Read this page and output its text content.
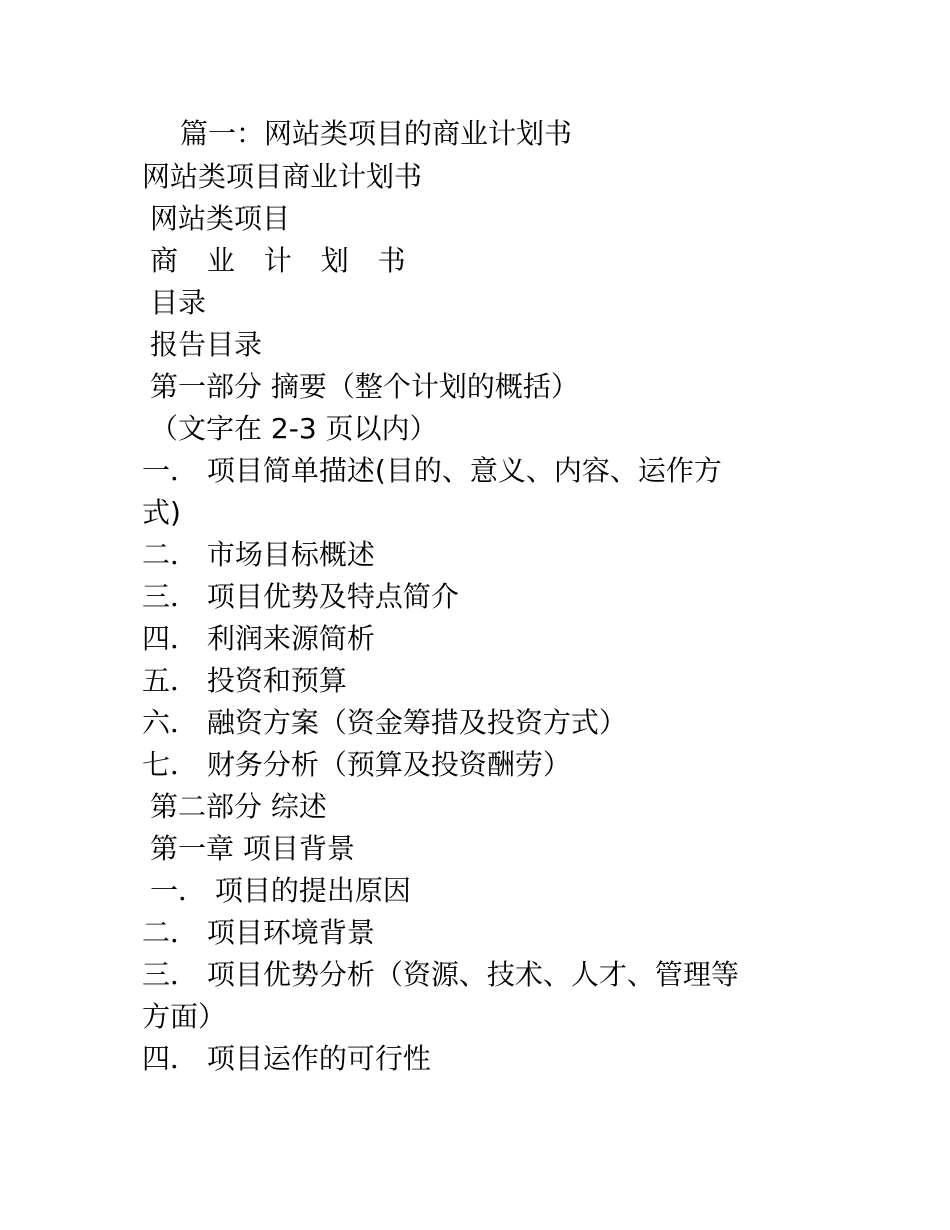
篇一：网站类项目的商业计划书
网站类项目商业计划书
网站类项目
商 业 计 划 书
目录
报告目录
第一部分 摘要（整个计划的概括）
（文字在 2-3 页以内）
一． 项目简单描述(目的、意义、内容、运作方
式)
二． 市场目标概述
三． 项目优势及特点简介
四． 利润来源简析
五． 投资和预算
六． 融资方案（资金筹措及投资方式）
七． 财务分析（预算及投资酬劳）
第二部分 综述
第一章 项目背景
一． 项目的提出原因
二． 项目环境背景
三． 项目优势分析（资源、技术、人才、管理等
方面）
四． 项目运作的可行性
